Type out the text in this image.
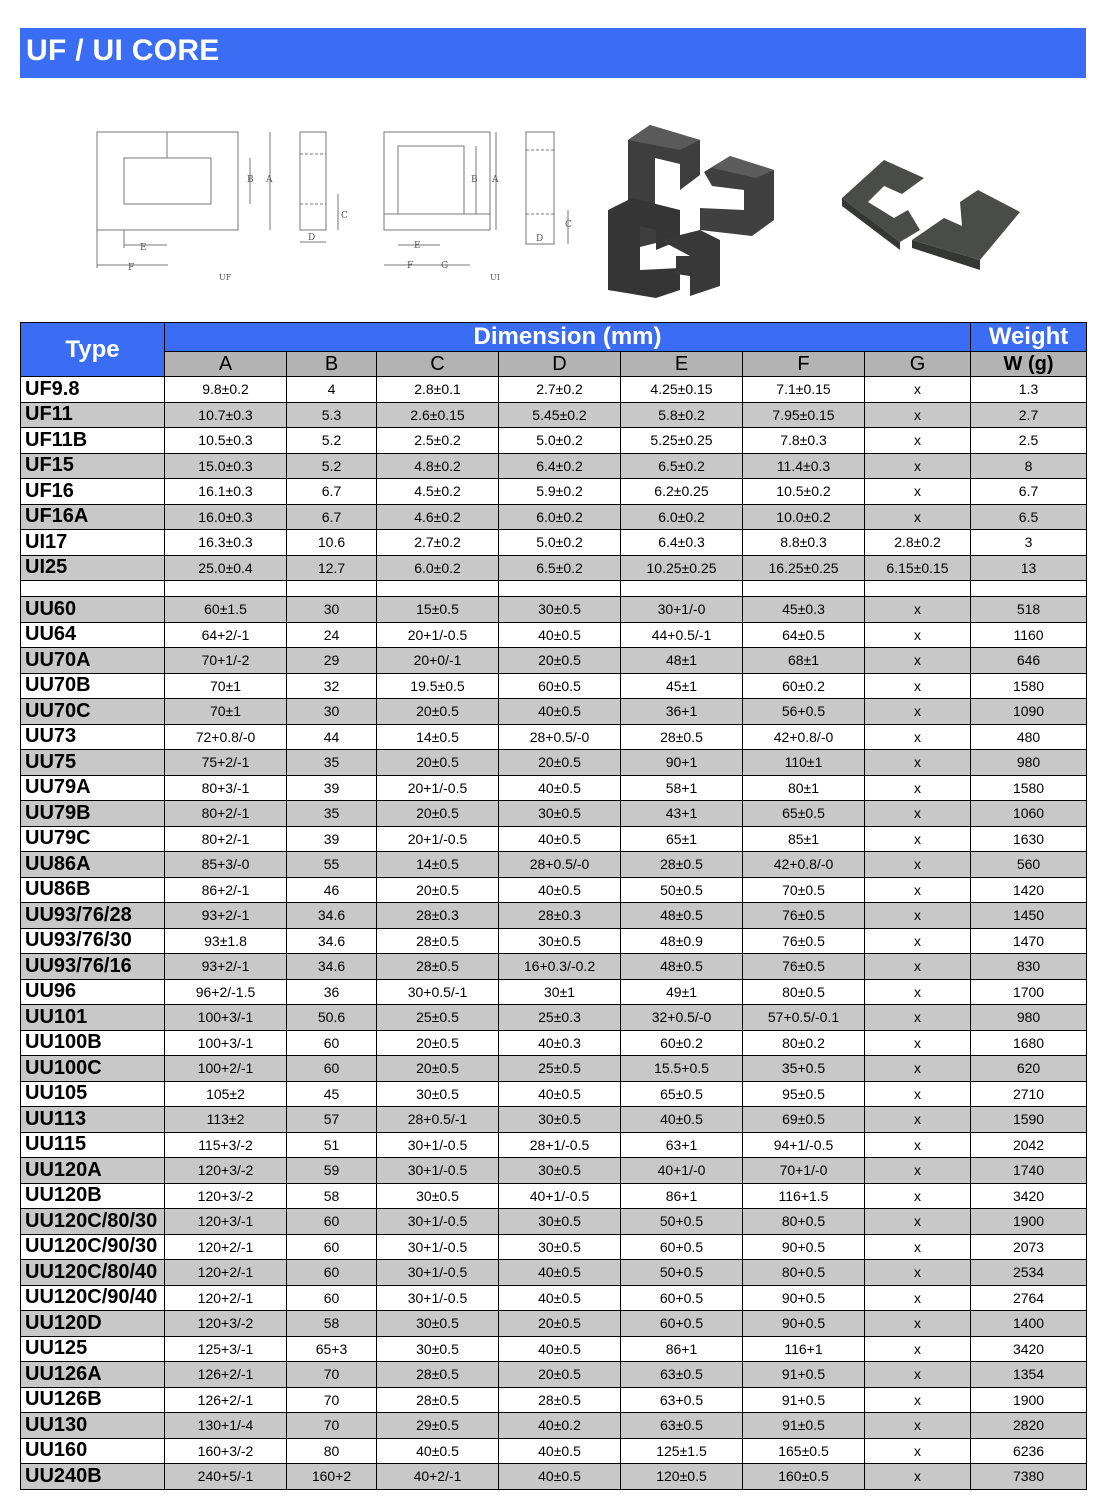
UF / UI CORE
B A
E
F
C
D
UF
B A
E
F	G
C
D
UI
Type	Dimension (mm)							Weight
	A	B	C	D	E	F	G	W (g)
UF9.8	9.8±0.2	4	2.8±0.1	2.7±0.2	4.25±0.15	7.1±0.15	x	1.3
UF11	10.7±0.3	5.3	2.6±0.15	5.45±0.2	5.8±0.2	7.95±0.15	x	2.7
UF11B	10.5±0.3	5.2	2.5±0.2	5.0±0.2	5.25±0.25	7.8±0.3	x	2.5
UF15	15.0±0.3	5.2	4.8±0.2	6.4±0.2	6.5±0.2	11.4±0.3	x	8
UF16	16.1±0.3	6.7	4.5±0.2	5.9±0.2	6.2±0.25	10.5±0.2	x	6.7
UF16A	16.0±0.3	6.7	4.6±0.2	6.0±0.2	6.0±0.2	10.0±0.2	x	6.5
UI17	16.3±0.3	10.6	2.7±0.2	5.0±0.2	6.4±0.3	8.8±0.3	2.8±0.2	3
UI25	25.0±0.4	12.7	6.0±0.2	6.5±0.2	10.25±0.25	16.25±0.25	6.15±0.15	13

UU60	60±1.5	30	15±0.5	30±0.5	30+1/-0	45±0.3	x	518
UU64	64+2/-1	24	20+1/-0.5	40±0.5	44+0.5/-1	64±0.5	x	1160
UU70A	70+1/-2	29	20+0/-1	20±0.5	48±1	68±1	x	646
UU70B	70±1	32	19.5±0.5	60±0.5	45±1	60±0.2	x	1580
UU70C	70±1	30	20±0.5	40±0.5	36+1	56+0.5	x	1090
UU73	72+0.8/-0	44	14±0.5	28+0.5/-0	28±0.5	42+0.8/-0	x	480
UU75	75+2/-1	35	20±0.5	20±0.5	90+1	110±1	x	980
UU79A	80+3/-1	39	20+1/-0.5	40±0.5	58+1	80±1	x	1580
UU79B	80+2/-1	35	20±0.5	30±0.5	43+1	65±0.5	x	1060
UU79C	80+2/-1	39	20+1/-0.5	40±0.5	65±1	85±1	x	1630
UU86A	85+3/-0	55	14±0.5	28+0.5/-0	28±0.5	42+0.8/-0	x	560
UU86B	86+2/-1	46	20±0.5	40±0.5	50±0.5	70±0.5	x	1420
UU93/76/28	93+2/-1	34.6	28±0.3	28±0.3	48±0.5	76±0.5	x	1450
UU93/76/30	93±1.8	34.6	28±0.5	30±0.5	48±0.9	76±0.5	x	1470
UU93/76/16	93+2/-1	34.6	28±0.5	16+0.3/-0.2	48±0.5	76±0.5	x	830
UU96	96+2/-1.5	36	30+0.5/-1	30±1	49±1	80±0.5	x	1700
UU101	100+3/-1	50.6	25±0.5	25±0.3	32+0.5/-0	57+0.5/-0.1	x	980
UU100B	100+3/-1	60	20±0.5	40±0.3	60±0.2	80±0.2	x	1680
UU100C	100+2/-1	60	20±0.5	25±0.5	15.5+0.5	35+0.5	x	620
UU105	105±2	45	30±0.5	40±0.5	65±0.5	95±0.5	x	2710
UU113	113±2	57	28+0.5/-1	30±0.5	40±0.5	69±0.5	x	1590
UU115	115+3/-2	51	30+1/-0.5	28+1/-0.5	63+1	94+1/-0.5	x	2042
UU120A	120+3/-2	59	30+1/-0.5	30±0.5	40+1/-0	70+1/-0	x	1740
UU120B	120+3/-2	58	30±0.5	40+1/-0.5	86+1	116+1.5	x	3420
UU120C/80/30	120+3/-1	60	30+1/-0.5	30±0.5	50+0.5	80+0.5	x	1900
UU120C/90/30	120+2/-1	60	30+1/-0.5	30±0.5	60+0.5	90+0.5	x	2073
UU120C/80/40	120+2/-1	60	30+1/-0.5	40±0.5	50+0.5	80+0.5	x	2534
UU120C/90/40	120+2/-1	60	30+1/-0.5	40±0.5	60+0.5	90+0.5	x	2764
UU120D	120+3/-2	58	30±0.5	20±0.5	60+0.5	90+0.5	x	1400
UU125	125+3/-1	65+3	30±0.5	40±0.5	86+1	116+1	x	3420
UU126A	126+2/-1	70	28±0.5	20±0.5	63±0.5	91+0.5	x	1354
UU126B	126+2/-1	70	28±0.5	28±0.5	63+0.5	91+0.5	x	1900
UU130	130+1/-4	70	29±0.5	40±0.2	63±0.5	91±0.5	x	2820
UU160	160+3/-2	80	40±0.5	40±0.5	125±1.5	165±0.5	x	6236
UU240B	240+5/-1	160+2	40+2/-1	40±0.5	120±0.5	160±0.5	x	7380
